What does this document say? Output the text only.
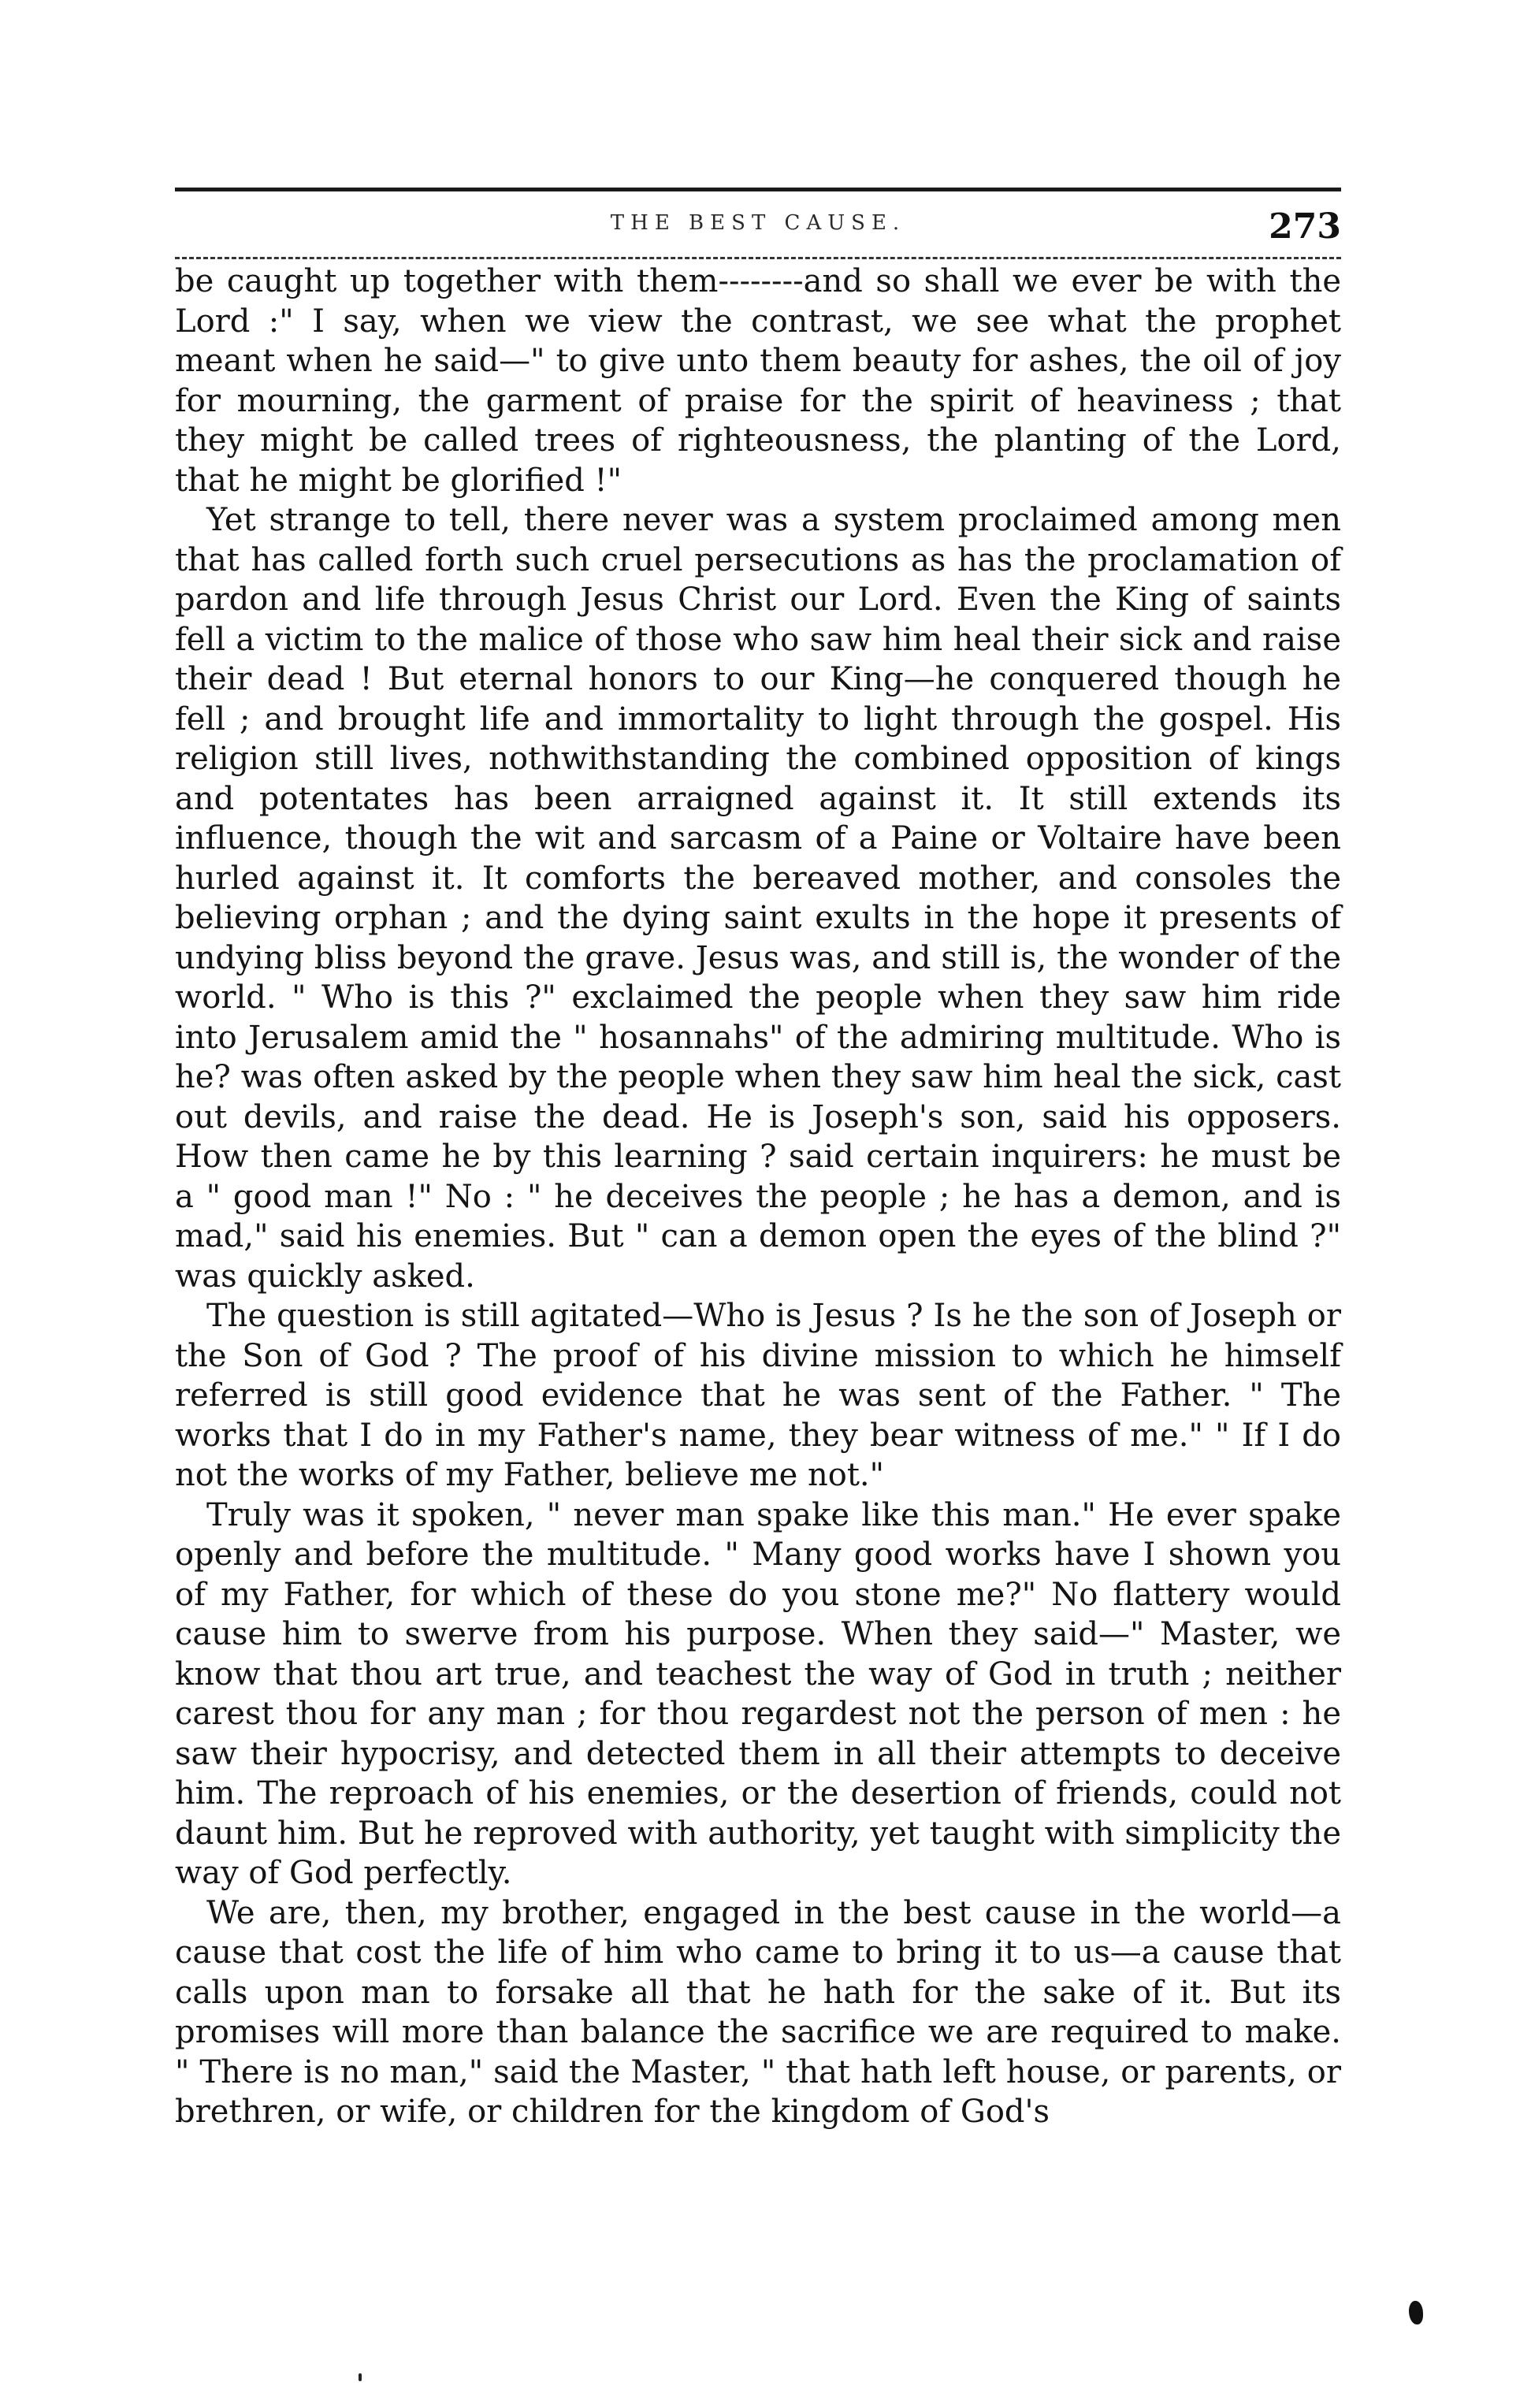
THE BEST CAUSE.	273

be caught up together with them--------and so shall we ever be with the Lord :" I say, when we view the contrast, we see what the prophet meant when he said—" to give unto them beauty for ashes, the oil of joy for mourning, the garment of praise for the spirit of heaviness ; that they might be called trees of righteousness, the planting of the Lord, that he might be glorified !"

Yet strange to tell, there never was a system proclaimed among men that has called forth such cruel persecutions as has the proclamation of pardon and life through Jesus Christ our Lord. Even the King of saints fell a victim to the malice of those who saw him heal their sick and raise their dead ! But eternal honors to our King—he conquered though he fell ; and brought life and immortality to light through the gospel. His religion still lives, nothwithstanding the combined opposition of kings and potentates has been arraigned against it. It still extends its influence, though the wit and sarcasm of a Paine or Voltaire have been hurled against it. It comforts the bereaved mother, and consoles the believing orphan ; and the dying saint exults in the hope it presents of undying bliss beyond the grave. Jesus was, and still is, the wonder of the world. " Who is this ?" exclaimed the people when they saw him ride into Jerusalem amid the " hosannahs" of the admiring multitude. Who is he? was often asked by the people when they saw him heal the sick, cast out devils, and raise the dead. He is Joseph's son, said his opposers. How then came he by this learning ? said certain inquirers: he must be a " good man !" No : " he deceives the people ; he has a demon, and is mad," said his enemies. But " can a demon open the eyes of the blind ?" was quickly asked.

The question is still agitated—Who is Jesus ? Is he the son of Joseph or the Son of God ? The proof of his divine mission to which he himself referred is still good evidence that he was sent of the Father. " The works that I do in my Father's name, they bear witness of me." " If I do not the works of my Father, believe me not."

Truly was it spoken, " never man spake like this man." He ever spake openly and before the multitude. " Many good works have I shown you of my Father, for which of these do you stone me?" No flattery would cause him to swerve from his purpose. When they said—" Master, we know that thou art true, and teachest the way of God in truth ; neither carest thou for any man ; for thou regardest not the person of men : he saw their hypocrisy, and detected them in all their attempts to deceive him. The reproach of his enemies, or the desertion of friends, could not daunt him. But he reproved with authority, yet taught with simplicity the way of God perfectly.

We are, then, my brother, engaged in the best cause in the world—a cause that cost the life of him who came to bring it to us—a cause that calls upon man to forsake all that he hath for the sake of it. But its promises will more than balance the sacrifice we are required to make. " There is no man," said the Master, " that hath left house, or parents, or brethren, or wife, or children for the kingdom of God's
